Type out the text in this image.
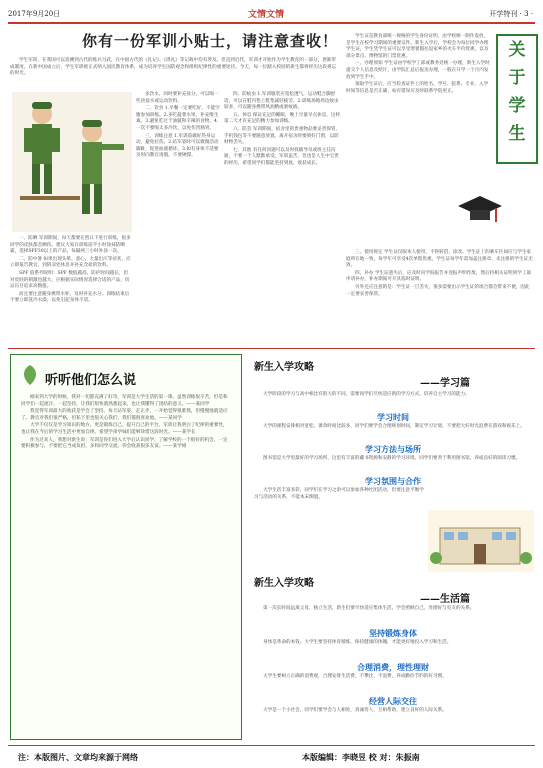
2017年9月20日	文情文情	开学特刊 · 3 ·
你有一份军训小贴士，请注意查收！	关
于
学
生

学生军训，在我国可以追溯到古代的练兵习武，在中国古代的《礼记》、《周礼》等记载中均有涉及。但直到近代，军训才开始作为学生教育的一部分，逐渐形成制度。在新中国成立后，学生军训被正式纳入国民教育体系，成为培养学生国防观念和组织纪律性的重要途径。今天，每一位踏入校园的新生都将经历这段难忘的时光。

多饮水，同时要补充盐分，可以喝一些淡盐水或运动饮料。

二、饮食 1.早餐一定要吃好，不能空腹参加训练。2.多吃蔬菜水果，补充维生素。3.避免吃过于油腻和辛辣的食物。4.一次不要喝太多冷饮，以免伤害肠胃。

三、训练注意 1.军训前做好热身运动，避免拉伤。2.站军姿时可以微微活动脚趾，促进血液循环。3.如有身体不适要及时向教官请假，不要硬撑。

四、防蚊虫 1.军训服装应宽松透气，运动鞋合脚舒适，可以在鞋内垫上鞋垫减轻疲劳。2.训练场地周边蚊虫较多，可以随身携带风油精或驱蚊液。

五、休息 保证充足的睡眠，晚上尽量早点休息，这样第二天才有充足的精力参加训练。

六、防丢 军训期间，宿舍里的贵重物品要妥善保管，手机钱包等不要随意放置。离开宿舍时要锁好门窗，以防财物丢失。

七、其他 有任何问题可以及时找辅导员或班主任沟通，不要一个人默默承受。军训虽苦，但也是人生中宝贵的经历，希望同学们都能坚持到底，收获成长。

一、防晒 军训期间，每天都要在烈日下进行训练，很多同学的皮肤都会晒伤。建议大家在训练前半小时涂抹防晒霜，选择SPF30以上的产品，每隔两三小时补涂一次。

二、防中暑 如果出现头晕、恶心、大量出汗等症状，应立即报告教官，到阴凉处休息并补充含盐的饮料。

SPF 值系列说明：SPF 数值越高，防护时间越长，但对皮肤的刺激也越大，应根据实际情况选择合适的产品，切忌盲目追求高数值。

而且要注意随身携带水杯，及时补充水分。训练结束后不要立即洗冷水澡，以免引起身体不适。

学生证是教育部统一规格的学生身份证明，由学校统一制作发放，是学生在校学习期间的重要证件。新生入学后，学校会为每位同学办理学生证，学生凭学生证可以享受寒暑假往返家乡的火车半价优惠，以及部分景点、博物馆的门票优惠。

一、办理须知 学生证由学校学工部或教务处统一办理，新生入学时提交个人信息及照片，由学院汇总后报送办理，一般在开学一个月内发放到学生手中。

领取学生证后，应当检查证件上的姓名、学号、院系、专业、入学时间等信息是否正确，如有错误应及时联系学院更正。

三、使用规定 学生证仅限本人使用，不得转借、涂改。学生证上的乘车区间应与学生家庭所在地一致，每学年可享受4次单程优惠。学生证每学年需加盖注册章，未注册的学生证无效。

四、补办 学生证遗失后，应及时向学院报告并登报声明作废，然后持相关证明到学工部申请补办，补办期间可开具临时证明。

另外还应注意的是：学生证一旦丢失，很多需要出示学生证的场合都会带来不便，因此一定要妥善保管。

听听他们怎么说

刚来到大学的时候，我对一切都充满了好奇，军训是大学生活的第一课。虽然训练很辛苦，但是和同学们一起流汗、一起坚持，让我们很快就熟悉起来，也让我懂得了团结的意义。——某同学

我觉得军训最大的收获是学会了坚持。每天站军姿、走正步，一开始觉得很难熬，但慢慢地就适应了。教官对我们很严格，但私下里也很关心我们，我们都很喜欢他。——某同学

大学不仅仅是学习知识的地方，更是锻炼自己、提升自己的平台。军训让我明白了纪律的重要性，也让我在今后的学习生活中更加自律。希望学弟学妹们能够珍惜这段时光。——某学长

作为过来人，我想对新生说：军训是你们进入大学后认识同学、了解学校的一个很好的机会，一定要积极参与，不要把它当成负担。多和同学交流，你会收获很多友谊。——某学姐

新生入学攻略
——学习篇

大学阶段的学习与高中相比有很大的不同，需要同学们尽快适应新的学习方式，培养自主学习的能力。

学习时间

大学的课程安排相对宽松，课余时间比较多，同学们要学会合理规划时间，制定学习计划，不要把大好时光浪费在游戏和娱乐上。

学习方法与场所

图书馆是大学里最好的学习场所，这里有丰富的藏书资源和安静的学习环境。同学们要善于利用图书馆，养成良好的阅读习惯。

学习氛围与合作

大学生活丰富多彩，同学们在学习之余可以参加各种社团活动，但要注意平衡学习与活动的关系，不能本末倒置。

新生入学攻略
——生活篇

第一次长时间远离父母，独立生活，新生们要尽快适应集体生活，学会照顾自己，处理好与室友的关系。

坚持锻炼身体

身体是革命的本钱，大学生要坚持体育锻炼，保持健康的体魄，才能更好地投入学习和生活。

合理消费，理性理财

大学生要树立正确的消费观，合理安排生活费，不攀比、不浪费，养成勤俭节约的好习惯。

经营人际交往

大学是一个小社会，同学们要学会与人相处，真诚待人，互相帮助，建立良好的人际关系。

注：本版图片、文章均来源于网络	本版编辑：李晓昱 校 对：朱振南
